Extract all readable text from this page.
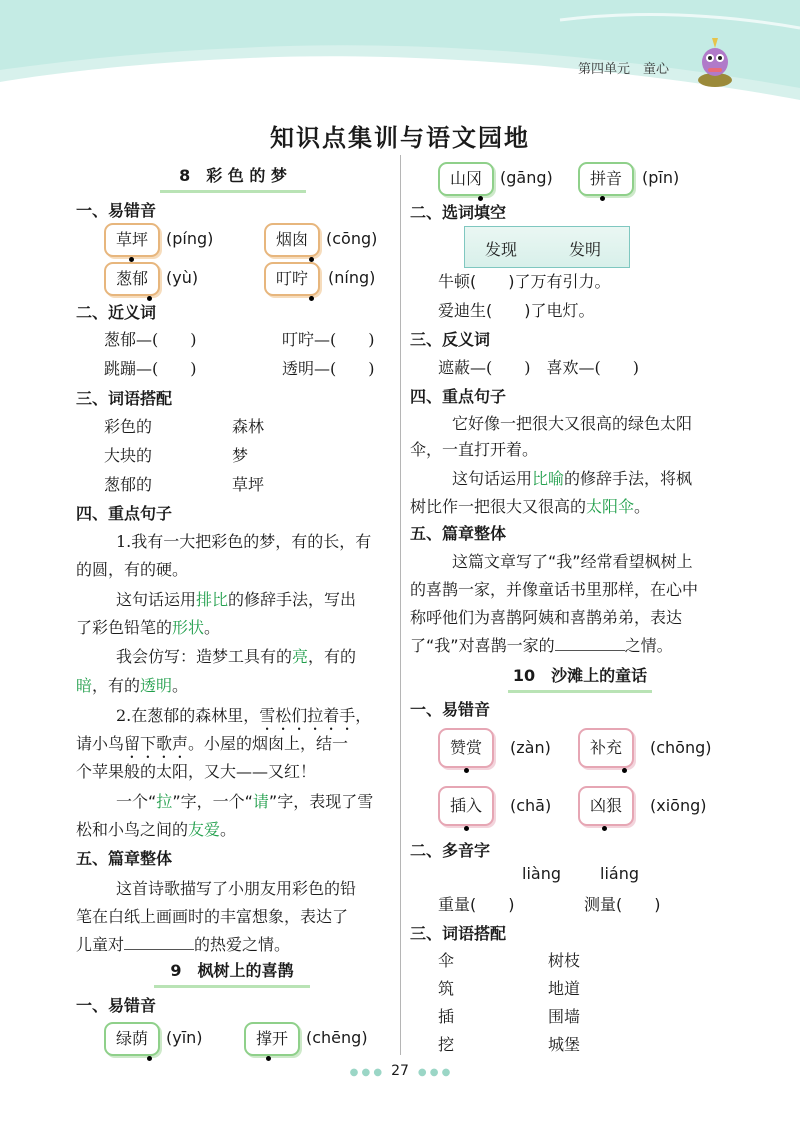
第四单元　 童心
知识点集训与语文园地
8　彩 色 的 梦
一、易错音
草坪	(píng)	烟囱	(cōng)
葱郁	(yù)	叮咛	(níng)
二、近义词
葱郁—(　　)	叮咛—(　　)
跳蹦—(　　)	透明—(　　)
三、词语搭配
彩色的	森林
大块的	梦
葱郁的	草坪
四、重点句子
1.我有一大把彩色的梦，有的长，有
的圆，有的硬。
这句话运用排比的修辞手法，写出
了彩色铅笔的形状。
我会仿写：造梦工具有的亮，有的
暗，有的透明。
2.在葱郁的森林里，雪松们拉着手，
请小鸟留下歌声。小屋的烟囱上，结一
个苹果般的太阳，又大——又红！
一个“拉”字，一个“请”字，表现了雪
松和小鸟之间的友爱。
五、篇章整体
这首诗歌描写了小朋友用彩色的铅
笔在白纸上画画时的丰富想象，表达了
儿童对	的热爱之情。
9　枫树上的喜鹊
一、易错音
绿荫	(yīn)	撑开	(chēng)
山冈	(gāng)	拼音	(pīn)
二、选词填空
发现	发明
牛顿(　　)了万有引力。
爱迪生(　　)了电灯。
三、反义词
遮蔽—(　　)　喜欢—(　　)
四、重点句子
它好像一把很大又很高的绿色太阳
伞，一直打开着。
这句话运用比喻的修辞手法，将枫
树比作一把很大又很高的太阳伞。
五、篇章整体
这篇文章写了“我”经常看望枫树上
的喜鹊一家，并像童话书里那样，在心中
称呼他们为喜鹊阿姨和喜鹊弟弟，表达
了“我”对喜鹊一家的	之情。
10　沙滩上的童话
一、易错音
赞赏	(zàn)	补充	(chōng)
插入	(chā)	凶狠	(xiōng)
二、多音字
liàng liáng
重量(　　)	测量(　　)
三、词语搭配
伞	树枝
筑	地道
插	围墙
挖	城堡
● ● ● 27 ● ● ●
